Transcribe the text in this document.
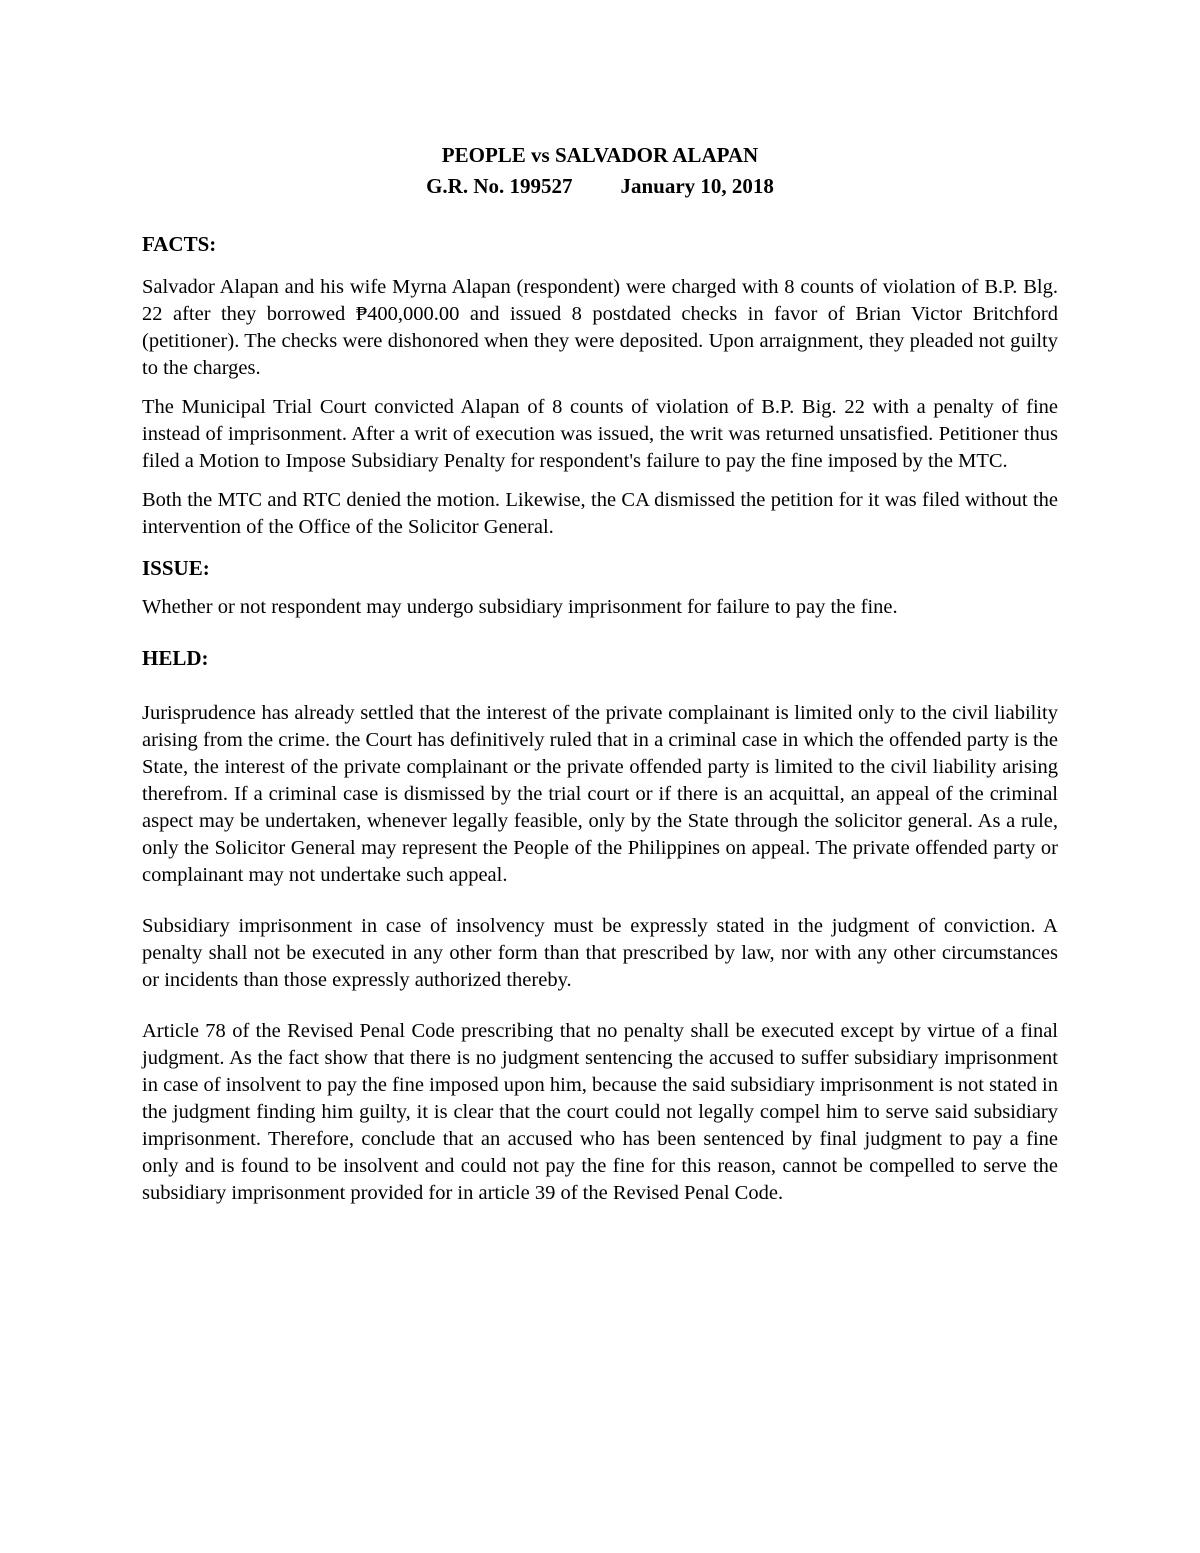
PEOPLE vs SALVADOR ALAPAN
G.R. No. 199527 January 10, 2018
FACTS:

Salvador Alapan and his wife Myrna Alapan (respondent) were charged with 8 counts of violation of B.P. Blg. 22 after they borrowed ₱400,000.00 and issued 8 postdated checks in favor of Brian Victor Britchford (petitioner). The checks were dishonored when they were deposited. Upon arraignment, they pleaded not guilty to the charges.

The Municipal Trial Court convicted Alapan of 8 counts of violation of B.P. Big. 22 with a penalty of fine instead of imprisonment. After a writ of execution was issued, the writ was returned unsatisfied. Petitioner thus filed a Motion to Impose Subsidiary Penalty for respondent's failure to pay the fine imposed by the MTC.

Both the MTC and RTC denied the motion. Likewise, the CA dismissed the petition for it was filed without the intervention of the Office of the Solicitor General.

ISSUE:

Whether or not respondent may undergo subsidiary imprisonment for failure to pay the fine.

HELD:

Jurisprudence has already settled that the interest of the private complainant is limited only to the civil liability arising from the crime. the Court has definitively ruled that in a criminal case in which the offended party is the State, the interest of the private complainant or the private offended party is limited to the civil liability arising therefrom. If a criminal case is dismissed by the trial court or if there is an acquittal, an appeal of the criminal aspect may be undertaken, whenever legally feasible, only by the State through the solicitor general. As a rule, only the Solicitor General may represent the People of the Philippines on appeal. The private offended party or complainant may not undertake such appeal.

Subsidiary imprisonment in case of insolvency must be expressly stated in the judgment of conviction. A penalty shall not be executed in any other form than that prescribed by law, nor with any other circumstances or incidents than those expressly authorized thereby.

Article 78 of the Revised Penal Code prescribing that no penalty shall be executed except by virtue of a final judgment. As the fact show that there is no judgment sentencing the accused to suffer subsidiary imprisonment in case of insolvent to pay the fine imposed upon him, because the said subsidiary imprisonment is not stated in the judgment finding him guilty, it is clear that the court could not legally compel him to serve said subsidiary imprisonment. Therefore, conclude that an accused who has been sentenced by final judgment to pay a fine only and is found to be insolvent and could not pay the fine for this reason, cannot be compelled to serve the subsidiary imprisonment provided for in article 39 of the Revised Penal Code.
